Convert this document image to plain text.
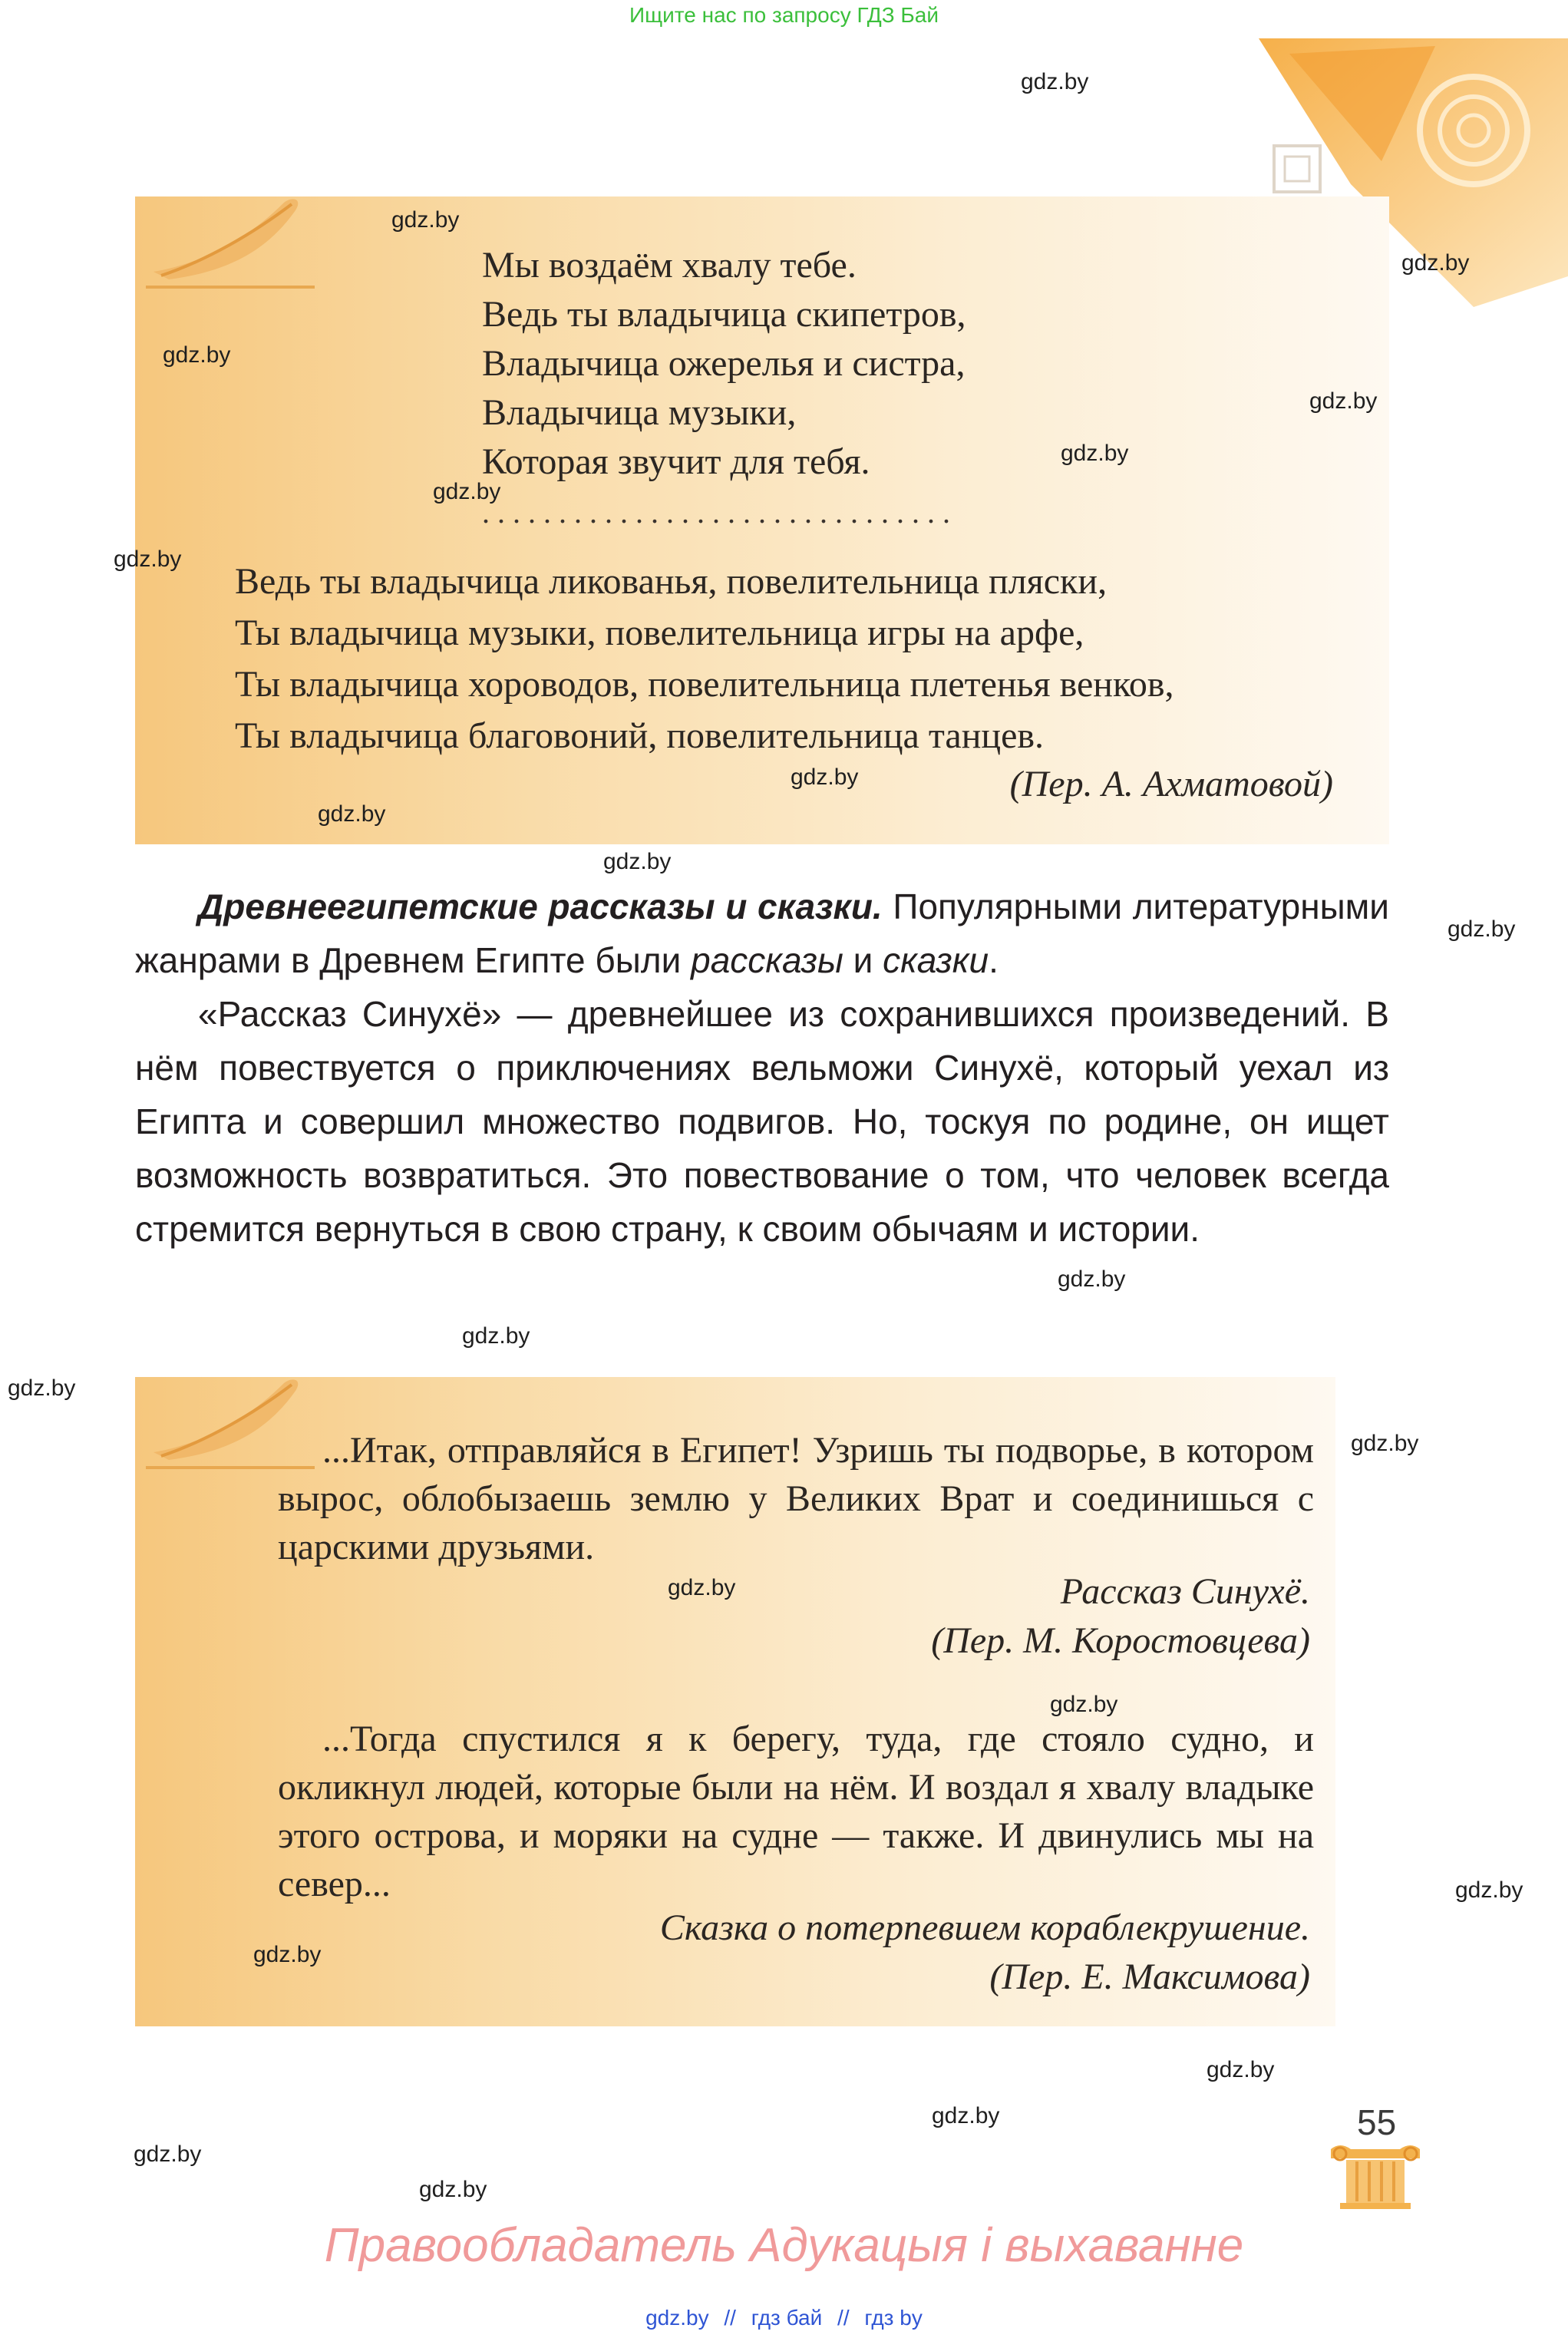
Ищите нас по запросу ГДЗ Бай
Мы воздаём хвалу тебе.
Ведь ты владычица скипетров,
Владычица ожерелья и систра,
Владычица музыки,
Которая звучит для тебя.
...............................
Ведь ты владычица ликованья, повелительница пляски,
Ты владычица музыки, повелительница игры на арфе,
Ты владычица хороводов, повелительница плетенья венков,
Ты владычица благовоний, повелительница танцев.
(Пер. А. Ахматовой)

Древнеегипетские рассказы и сказки. Популярными литературными жанрами в Древнем Египте были рассказы и сказки.

«Рассказ Синухё» — древнейшее из сохранившихся произведений. В нём повествуется о приключениях вельможи Синухё, который уехал из Египта и совершил множество подвигов. Но, тоскуя по родине, он ищет возможность возвратиться. Это повествование о том, что человек всегда стремится вернуться в свою страну, к своим обычаям и истории.

...Итак, отправляйся в Египет! Узришь ты подворье, в котором вырос, облобызаешь землю у Великих Врат и соединишься с царскими друзьями.

Рассказ Синухё.
(Пер. М. Коростовцева)

...Тогда спустился я к берегу, туда, где стояло судно, и окликнул людей, которые были на нём. И воздал я хвалу владыке этого острова, и моряки на судне — также. И двинулись мы на север...

Сказка о потерпевшем кораблекрушение.
(Пер. Е. Максимова)
gdz.by
gdz.by
gdz.by
gdz.by
gdz.by
gdz.by
gdz.by
gdz.by
gdz.by
gdz.by
gdz.by
gdz.by
gdz.by
gdz.by
gdz.by
gdz.by
gdz.by
gdz.by
gdz.by
gdz.by
gdz.by
gdz.by
gdz.by
gdz.by
55
Правообладатель Адукацыя і выхаванне
gdz.by // гдз бай // гдз by
